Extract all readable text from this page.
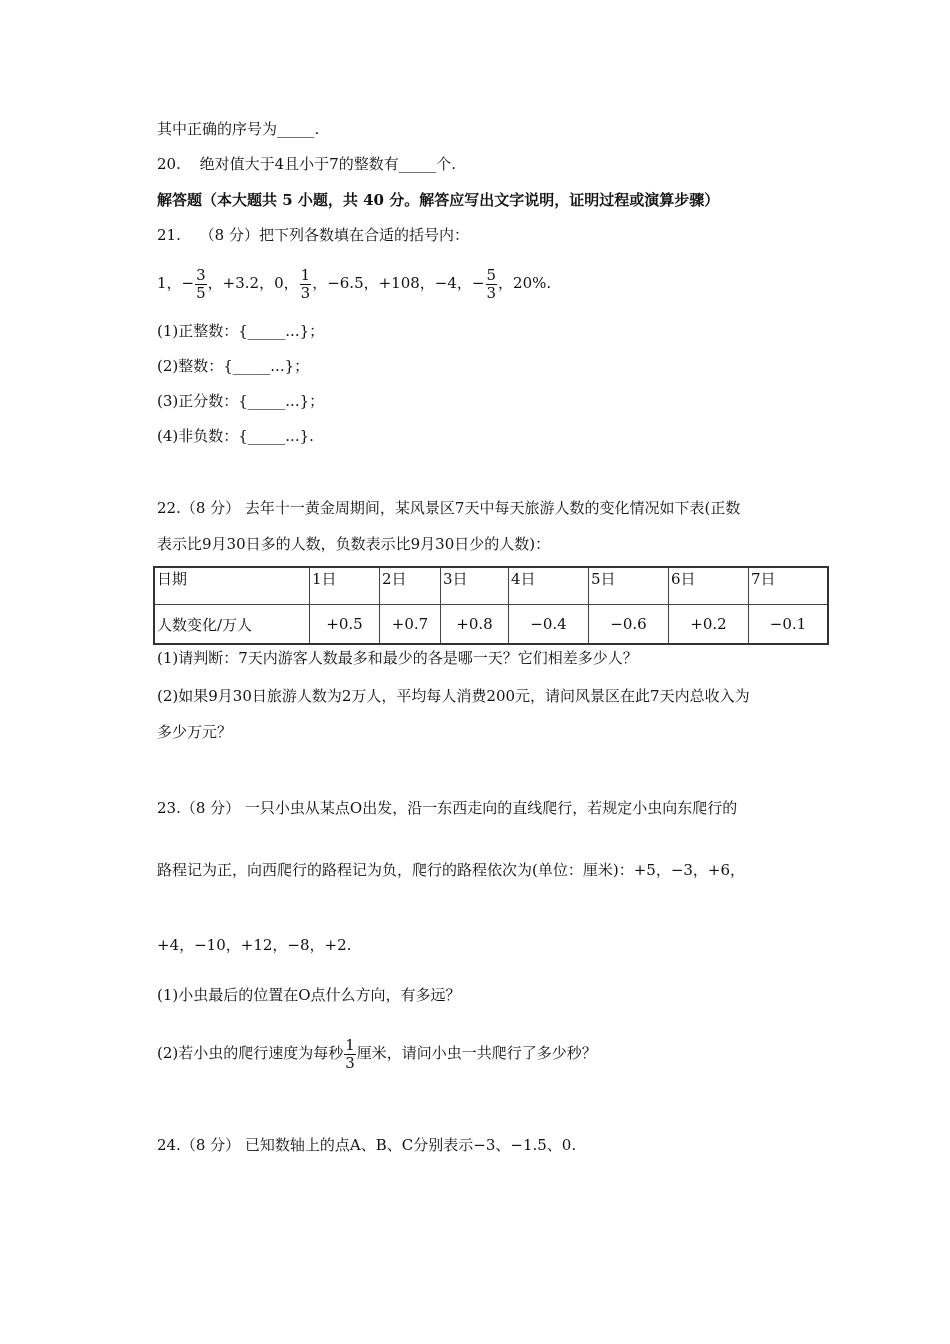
其中正确的序号为_____.
20. 绝对值大于4且小于7的整数有_____个.
解答题（本大题共 5 小题，共 40 分。解答应写出文字说明，证明过程或演算步骤）
21. （8 分）把下列各数填在合适的括号内：
1，− $\frac{3}{5}$ ，+3.2，0， $\frac{1}{3}$ ，−6.5，+108，−4，− $\frac{5}{3}$ ，20%.
(1)正整数：{_____...}；
(2)整数：{_____...}；
(3)正分数：{_____...}；
(4)非负数：{_____...}.
22.（8 分） 去年十一黄金周期间，某风景区7天中每天旅游人数的变化情况如下表(正数
表示比9月30日多的人数，负数表示比9月30日少的人数)：
日期	1日	2日	3日	4日	5日	6日	7日
人数变化/万人	+0.5	+0.7	+0.8	−0.4	−0.6	+0.2	−0.1
(1)请判断：7天内游客人数最多和最少的各是哪一天？它们相差多少人？
(2)如果9月30日旅游人数为2万人，平均每人消费200元，请问风景区在此7天内总收入为
多少万元？
23.（8 分） 一只小虫从某点O出发，沿一东西走向的直线爬行，若规定小虫向东爬行的
路程记为正，向西爬行的路程记为负，爬行的路程依次为(单位：厘米)：+5，−3，+6，
+4，−10，+12，−8，+2.
(1)小虫最后的位置在O点什么方向，有多远？
(2)若小虫的爬行速度为每秒 $\frac{1}{3}$ 厘米，请问小虫一共爬行了多少秒？
24.（8 分） 已知数轴上的点A、B、C分别表示−3、−1.5、0.
